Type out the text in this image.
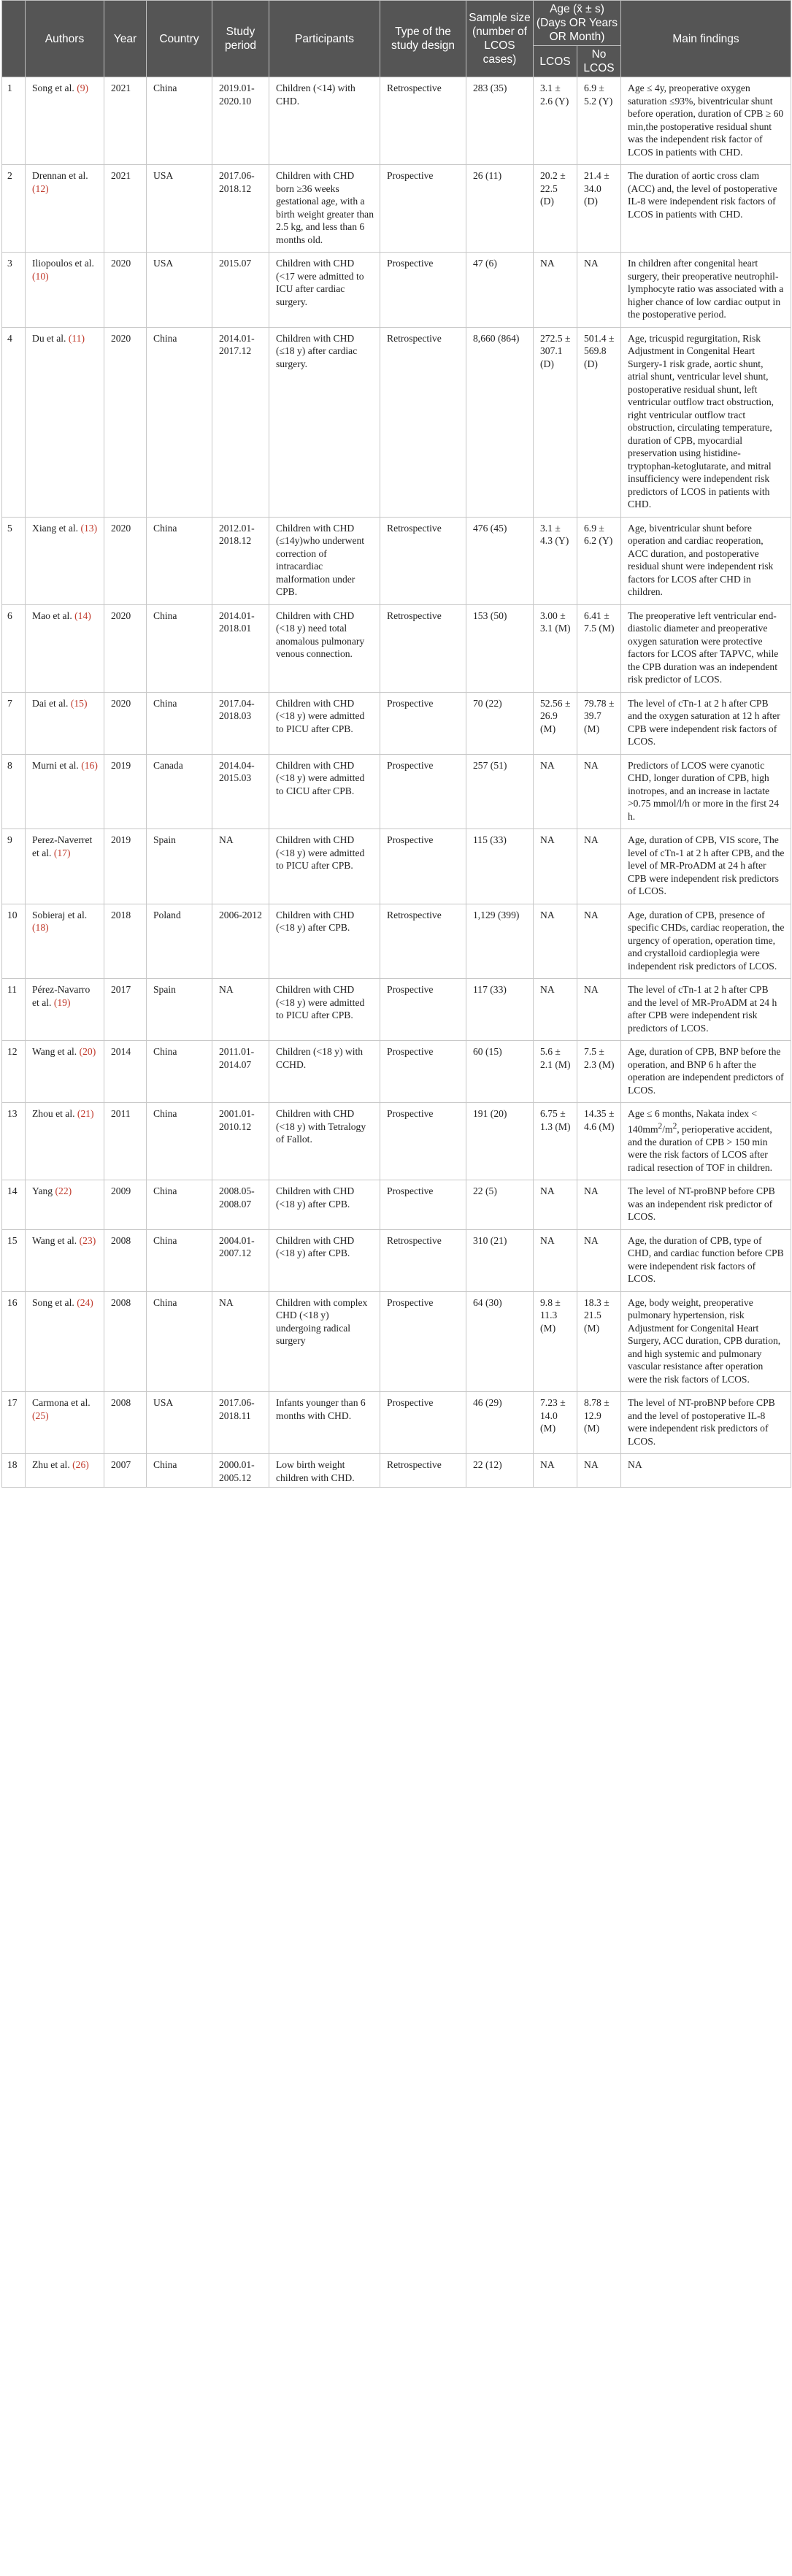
	Authors	Year	Country	Study period	Participants	Type of the study design	Sample size (number of LCOS cases)	Age (x̄ ± s) (Days OR Years OR Month)		Main findings
								LCOS	No LCOS	
1	Song et al. (9)	2021	China	2019.01-2020.10	Children (<14) with CHD.	Retrospective	283 (35)	3.1 ± 2.6 (Y)	6.9 ± 5.2 (Y)	Age ≤ 4y, preoperative oxygen saturation ≤93%, biventricular shunt before operation, duration of CPB ≥ 60 min,the postoperative residual shunt was the independent risk factor of LCOS in patients with CHD.
2	Drennan et al. (12)	2021	USA	2017.06-2018.12	Children with CHD born ≥36 weeks gestational age, with a birth weight greater than 2.5 kg, and less than 6 months old.	Prospective	26 (11)	20.2 ± 22.5 (D)	21.4 ± 34.0 (D)	The duration of aortic cross clam (ACC) and, the level of postoperative IL-8 were independent risk factors of LCOS in patients with CHD.
3	Iliopoulos et al. (10)	2020	USA	2015.07	Children with CHD (<17 were admitted to ICU after cardiac surgery.	Prospective	47 (6)	NA	NA	In children after congenital heart surgery, their preoperative neutrophil-lymphocyte ratio was associated with a higher chance of low cardiac output in the postoperative period.
4	Du et al. (11)	2020	China	2014.01-2017.12	Children with CHD (≤18 y) after cardiac surgery.	Retrospective	8,660 (864)	272.5 ± 307.1 (D)	501.4 ± 569.8 (D)	Age, tricuspid regurgitation, Risk Adjustment in Congenital Heart Surgery-1 risk grade, aortic shunt, atrial shunt, ventricular level shunt, postoperative residual shunt, left ventricular outflow tract obstruction, right ventricular outflow tract obstruction, circulating temperature, duration of CPB, myocardial preservation using histidine-tryptophan-ketoglutarate, and mitral insufficiency were independent risk predictors of LCOS in patients with CHD.
5	Xiang et al. (13)	2020	China	2012.01-2018.12	Children with CHD (≤14y)who underwent correction of intracardiac malformation under CPB.	Retrospective	476 (45)	3.1 ± 4.3 (Y)	6.9 ± 6.2 (Y)	Age, biventricular shunt before operation and cardiac reoperation, ACC duration, and postoperative residual shunt were independent risk factors for LCOS after CHD in children.
6	Mao et al. (14)	2020	China	2014.01-2018.01	Children with CHD (<18 y) need total anomalous pulmonary venous connection.	Retrospective	153 (50)	3.00 ± 3.1 (M)	6.41 ± 7.5 (M)	The preoperative left ventricular end-diastolic diameter and preoperative oxygen saturation were protective factors for LCOS after TAPVC, while the CPB duration was an independent risk predictor of LCOS.
7	Dai et al. (15)	2020	China	2017.04-2018.03	Children with CHD (<18 y) were admitted to PICU after CPB.	Prospective	70 (22)	52.56 ± 26.9 (M)	79.78 ± 39.7 (M)	The level of cTn-1 at 2 h after CPB and the oxygen saturation at 12 h after CPB were independent risk factors of LCOS.
8	Murni et al. (16)	2019	Canada	2014.04-2015.03	Children with CHD (<18 y) were admitted to CICU after CPB.	Prospective	257 (51)	NA	NA	Predictors of LCOS were cyanotic CHD, longer duration of CPB, high inotropes, and an increase in lactate >0.75 mmol/l/h or more in the first 24 h.
9	Perez-Naverret et al. (17)	2019	Spain	NA	Children with CHD (<18 y) were admitted to PICU after CPB.	Prospective	115 (33)	NA	NA	Age, duration of CPB, VIS score, The level of cTn-1 at 2 h after CPB, and the level of MR-ProADM at 24 h after CPB were independent risk predictors of LCOS.
10	Sobieraj et al. (18)	2018	Poland	2006-2012	Children with CHD (<18 y) after CPB.	Retrospective	1,129 (399)	NA	NA	Age, duration of CPB, presence of specific CHDs, cardiac reoperation, the urgency of operation, operation time, and crystalloid cardioplegia were independent risk predictors of LCOS.
11	Pérez-Navarro et al. (19)	2017	Spain	NA	Children with CHD (<18 y) were admitted to PICU after CPB.	Prospective	117 (33)	NA	NA	The level of cTn-1 at 2 h after CPB and the level of MR-ProADM at 24 h after CPB were independent risk predictors of LCOS.
12	Wang et al. (20)	2014	China	2011.01-2014.07	Children (<18 y) with CCHD.	Prospective	60 (15)	5.6 ± 2.1 (M)	7.5 ± 2.3 (M)	Age, duration of CPB, BNP before the operation, and BNP 6 h after the operation are independent predictors of LCOS.
13	Zhou et al. (21)	2011	China	2001.01-2010.12	Children with CHD (<18 y) with Tetralogy of Fallot.	Prospective	191 (20)	6.75 ± 1.3 (M)	14.35 ± 4.6 (M)	Age ≤ 6 months, Nakata index < $140mm^2/m^2$, perioperative accident, and the duration of CPB > 150 min were the risk factors of LCOS after radical resection of TOF in children.
14	Yang (22)	2009	China	2008.05-2008.07	Children with CHD (<18 y) after CPB.	Prospective	22 (5)	NA	NA	The level of NT-proBNP before CPB was an independent risk predictor of LCOS.
15	Wang et al. (23)	2008	China	2004.01-2007.12	Children with CHD (<18 y) after CPB.	Retrospective	310 (21)	NA	NA	Age, the duration of CPB, type of CHD, and cardiac function before CPB were independent risk factors of LCOS.
16	Song et al. (24)	2008	China	NA	Children with complex CHD (<18 y) undergoing radical surgery	Prospective	64 (30)	9.8 ± 11.3 (M)	18.3 ± 21.5 (M)	Age, body weight, preoperative pulmonary hypertension, risk Adjustment for Congenital Heart Surgery, ACC duration, CPB duration, and high systemic and pulmonary vascular resistance after operation were the risk factors of LCOS.
17	Carmona et al. (25)	2008	USA	2017.06-2018.11	Infants younger than 6 months with CHD.	Prospective	46 (29)	7.23 ± 14.0 (M)	8.78 ± 12.9 (M)	The level of NT-proBNP before CPB and the level of postoperative IL-8 were independent risk predictors of LCOS.
18	Zhu et al. (26)	2007	China	2000.01-2005.12	Low birth weight children with CHD.	Retrospective	22 (12)	NA	NA	NA
